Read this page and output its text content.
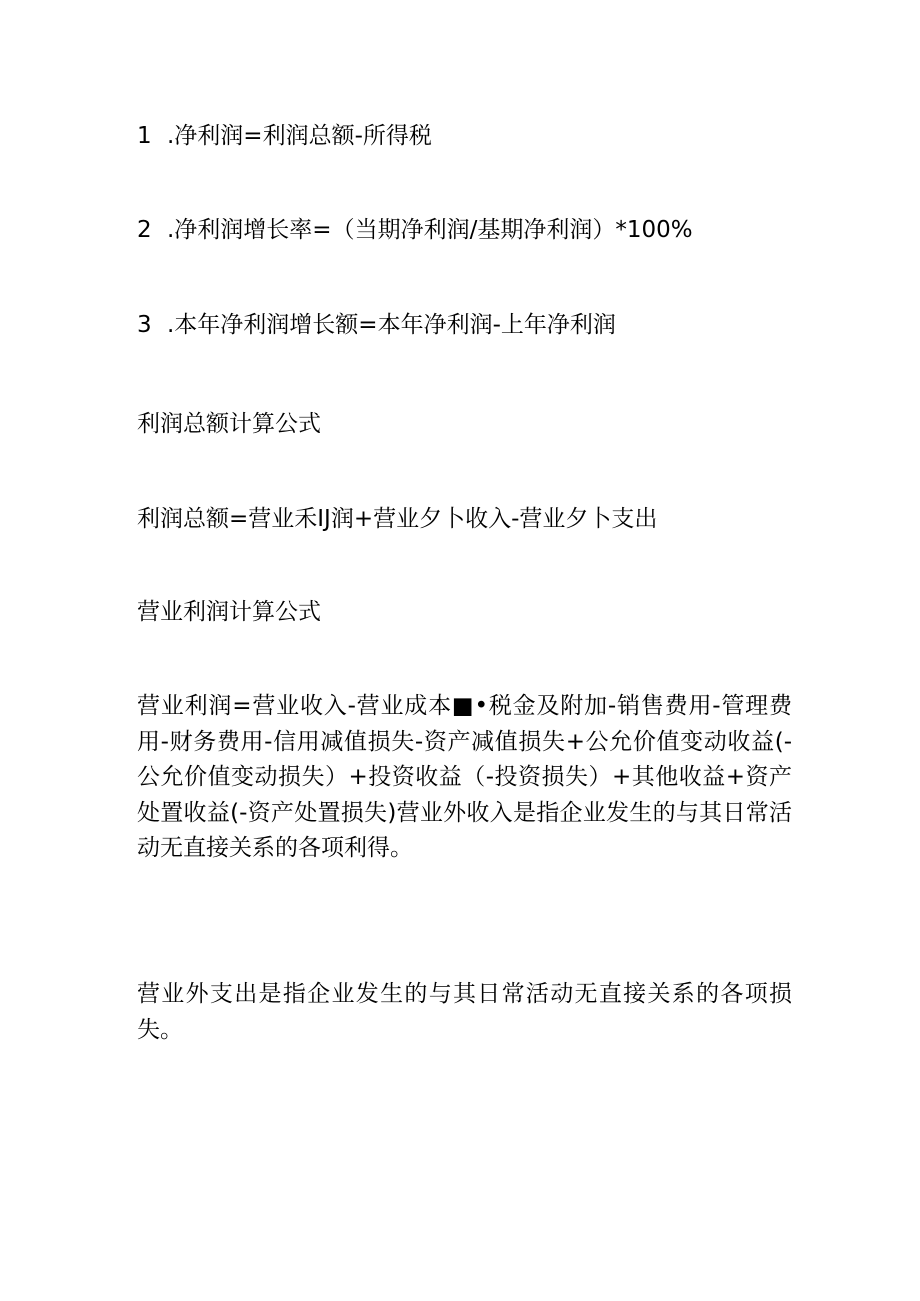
1 .净利润=利润总额-所得税
2 .净利润增长率=（当期净利润/基期净利润）*100%
3 .本年净利润增长额=本年净利润-上年净利润
利润总额计算公式
利润总额=营业禾IJ润+营业夕卜收入-营业夕卜支出
营业利润计算公式
营业利润=营业收入-营业成本■•税金及附加-销售费用-管理费用-财务费用-信用减值损失-资产减值损失+公允价值变动收益(-公允价值变动损失）+投资收益（-投资损失）+其他收益+资产处置收益(-资产处置损失)营业外收入是指企业发生的与其日常活动无直接关系的各项利得。
营业外支出是指企业发生的与其日常活动无直接关系的各项损失。
